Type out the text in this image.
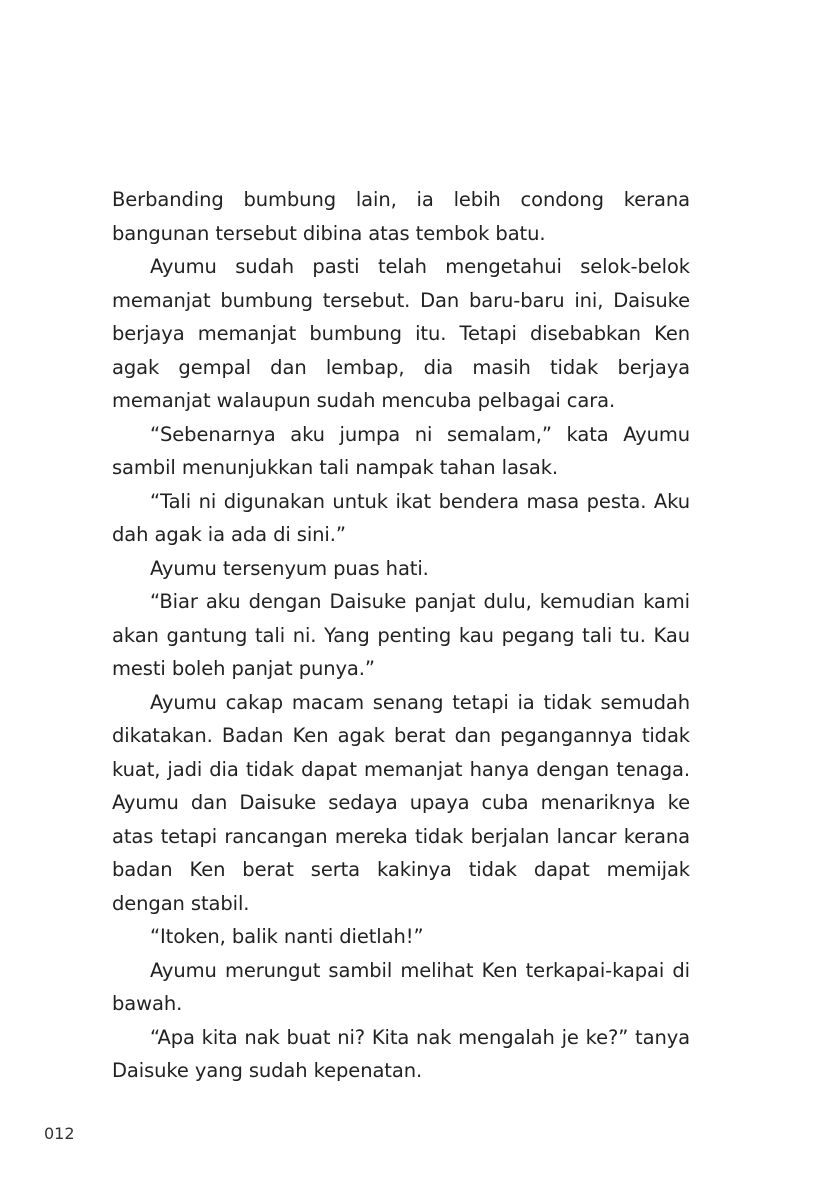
Berbanding bumbung lain, ia lebih condong kerana bangunan tersebut dibina atas tembok batu.

Ayumu sudah pasti telah mengetahui selok-belok memanjat bumbung tersebut. Dan baru-baru ini, Daisuke berjaya memanjat bumbung itu. Tetapi disebabkan Ken agak gempal dan lembap, dia masih tidak berjaya memanjat walaupun sudah mencuba pelbagai cara.

“Sebenarnya aku jumpa ni semalam,” kata Ayumu sambil menunjukkan tali nampak tahan lasak.

“Tali ni digunakan untuk ikat bendera masa pesta. Aku dah agak ia ada di sini.”

Ayumu tersenyum puas hati.

“Biar aku dengan Daisuke panjat dulu, kemudian kami akan gantung tali ni. Yang penting kau pegang tali tu. Kau mesti boleh panjat punya.”

Ayumu cakap macam senang tetapi ia tidak semudah dikatakan. Badan Ken agak berat dan pegangannya tidak kuat, jadi dia tidak dapat memanjat hanya dengan tenaga. Ayumu dan Daisuke sedaya upaya cuba menariknya ke atas tetapi rancangan mereka tidak berjalan lancar kerana badan Ken berat serta kakinya tidak dapat memijak dengan stabil.

“Itoken, balik nanti dietlah!”

Ayumu merungut sambil melihat Ken terkapai-kapai di bawah.

“Apa kita nak buat ni? Kita nak mengalah je ke?” tanya Daisuke yang sudah kepenatan.

012
